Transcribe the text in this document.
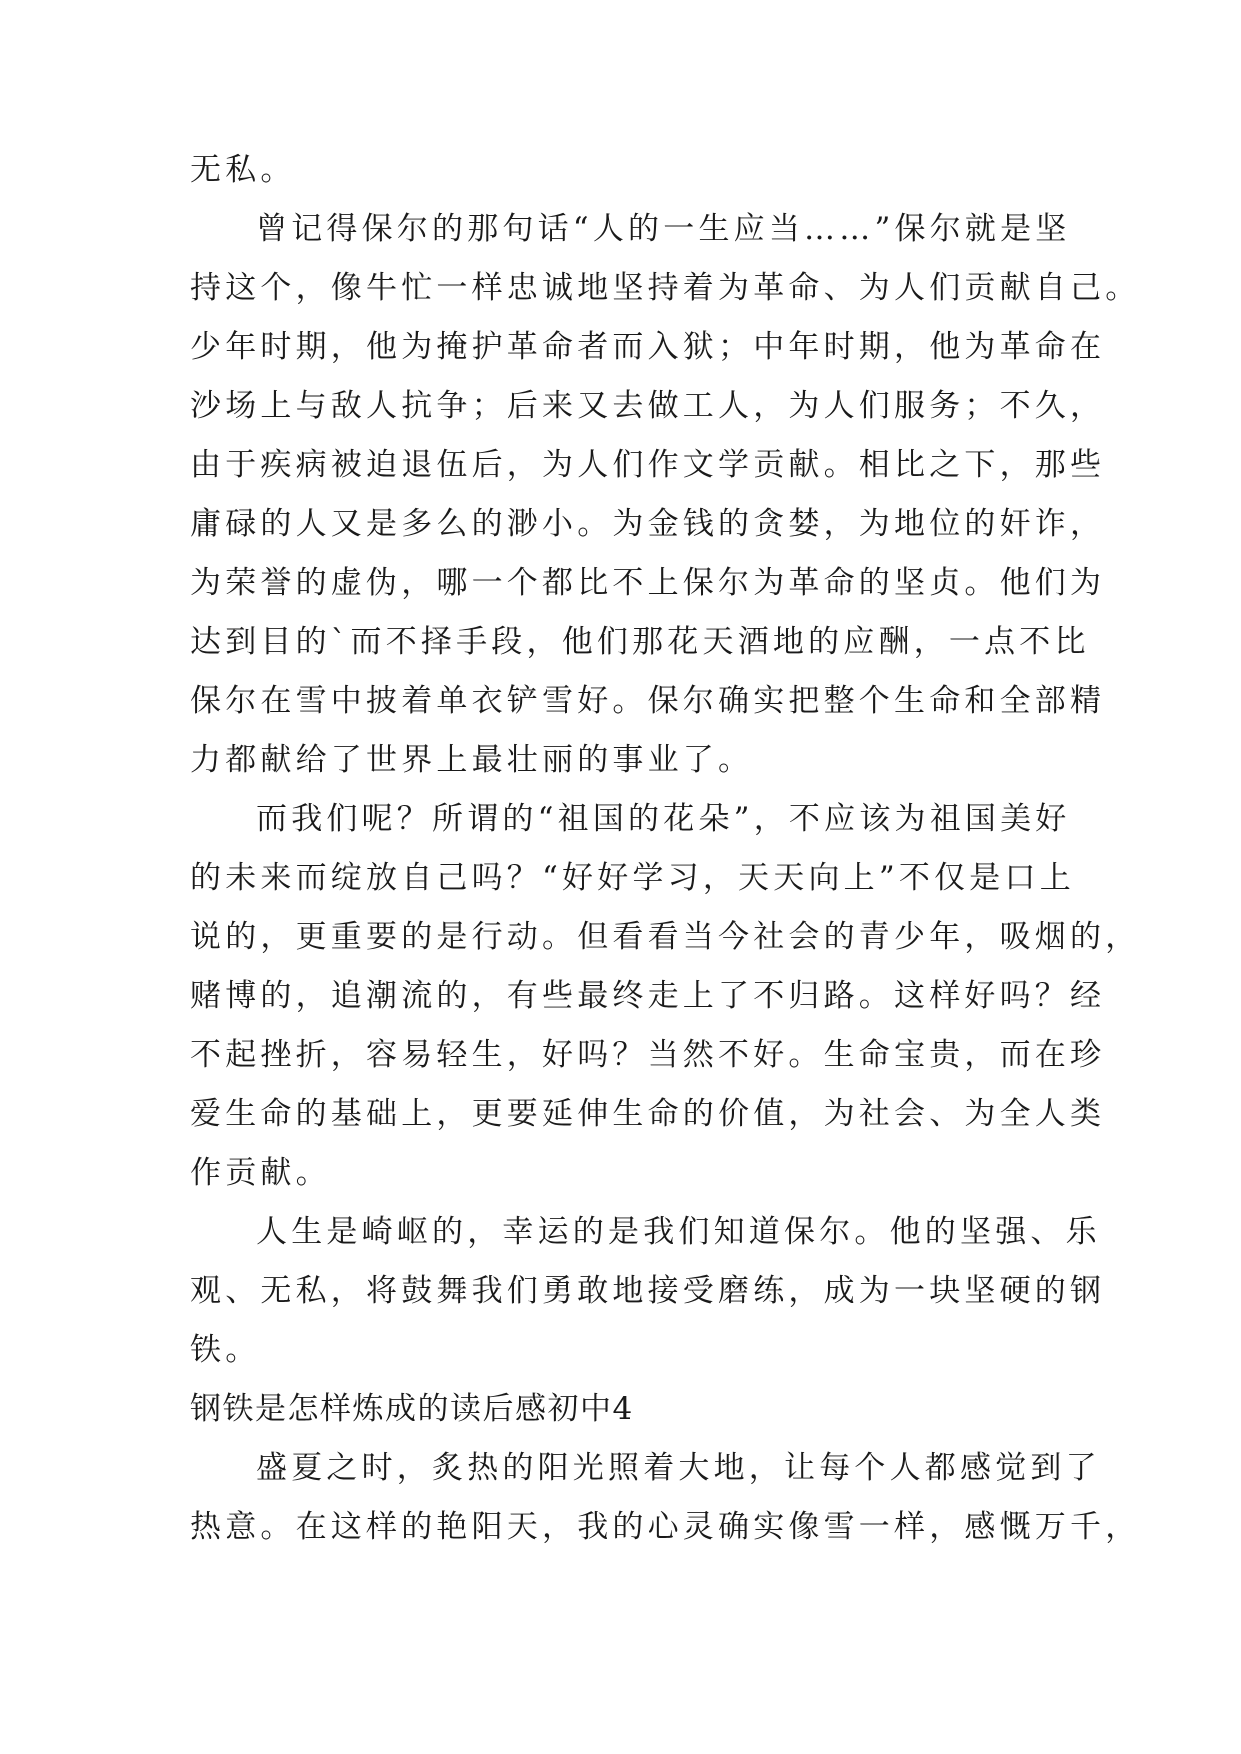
无私。
曾记得保尔的那句话“人的一生应当……”保尔就是坚
持这个，像牛忙一样忠诚地坚持着为革命、为人们贡献自己。
少年时期，他为掩护革命者而入狱；中年时期，他为革命在
沙场上与敌人抗争；后来又去做工人，为人们服务；不久，
由于疾病被迫退伍后，为人们作文学贡献。相比之下，那些
庸碌的人又是多么的渺小。为金钱的贪婪，为地位的奸诈，
为荣誉的虚伪，哪一个都比不上保尔为革命的坚贞。他们为
达到目的`而不择手段，他们那花天酒地的应酬，一点不比
保尔在雪中披着单衣铲雪好。保尔确实把整个生命和全部精
力都献给了世界上最壮丽的事业了。
而我们呢？所谓的“祖国的花朵”，不应该为祖国美好
的未来而绽放自己吗？“好好学习，天天向上”不仅是口上
说的，更重要的是行动。但看看当今社会的青少年，吸烟的，
赌博的，追潮流的，有些最终走上了不归路。这样好吗？经
不起挫折，容易轻生，好吗？当然不好。生命宝贵，而在珍
爱生命的基础上，更要延伸生命的价值，为社会、为全人类
作贡献。
人生是崎岖的，幸运的是我们知道保尔。他的坚强、乐
观、无私，将鼓舞我们勇敢地接受磨练，成为一块坚硬的钢
铁。
钢铁是怎样炼成的读后感初中4
盛夏之时，炙热的阳光照着大地，让每个人都感觉到了
热意。在这样的艳阳天，我的心灵确实像雪一样，感慨万千，
